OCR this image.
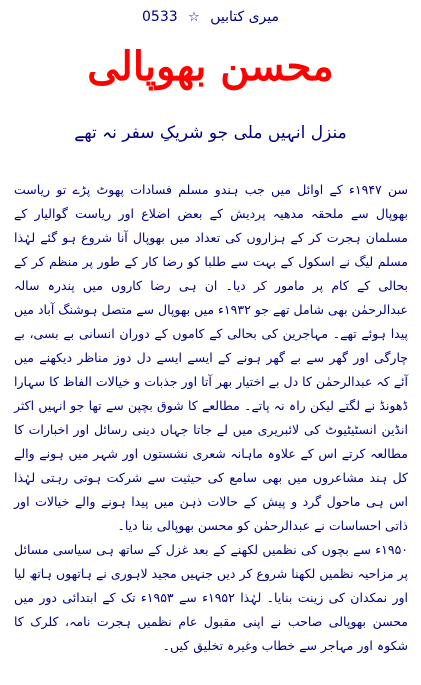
0533 ☆ میری کتابیں
محسن بھوپالی
منزل انہیں ملی جو شریکِ سفر نہ تھے

سن ۱۹۴۷ء کے اوائل میں جب ہندو مسلم فسادات پھوٹ پڑے تو ریاست بھوپال سے ملحقہ مدھیہ پردیش کے بعض اضلاع اور ریاست گوالیار کے مسلمان ہجرت کر کے ہزاروں کی تعداد میں بھوپال آنا شروع ہو گئے لہٰذا مسلم لیگ نے اسکول کے بہت سے طلبا کو رضا کار کے طور پر منظم کر کے بحالی کے کام پر مامور کر دیا۔ ان ہی رضا کاروں میں پندرہ سالہ عبدالرحمٰن بھی شامل تھے جو ۱۹۳۲ء میں بھوپال سے متصل ہوشنگ آباد میں پیدا ہوئے تھے۔ مہاجرین کی بحالی کے کاموں کے دوران انسانی بے بسی، بے چارگی اور گھر سے بے گھر ہونے کے ایسے ایسے دل دوز مناظر دیکھنے میں آئے کہ عبدالرحمٰن کا دل بے اختیار بھر آتا اور جذبات و خیالات الفاظ کا سہارا ڈھونڈ نے لگتے لیکن راہ نہ پاتے۔ مطالعے کا شوق بچپن سے تھا جو انہیں اکثر انڈین انسٹیٹیوٹ کی لائبریری میں لے جاتا جہاں دینی رسائل اور اخبارات کا مطالعہ کرتے اس کے علاوہ ماہانہ شعری نشستوں اور شہر میں ہونے والے کل ہند مشاعروں میں بھی سامع کی حیثیت سے شرکت ہوتی رہتی لہٰذا اس ہی ماحول گرد و پیش کے حالات ذہن میں پیدا ہونے والے خیالات اور ذاتی احساسات نے عبدالرحمٰن کو محسن بھوپالی بنا دیا۔

۱۹۵۰ء سے بچوں کی نظمیں لکھنے کے بعد غزل کے ساتھ ہی سیاسی مسائل پر مزاحیہ نظمیں لکھنا شروع کر دیں جنہیں مجید لاہوری نے ہاتھوں ہاتھ لیا اور نمکدان کی زینت بنایا۔ لہٰذا ۱۹۵۲ء سے ۱۹۵۳ء تک کے ابتدائی دور میں محسن بھوپالی صاحب نے اپنی مقبول عام نظمیں ہجرت نامہ، کلرک کا شکوہ اور مہاجر سے خطاب وغیرہ تخلیق کیں۔
